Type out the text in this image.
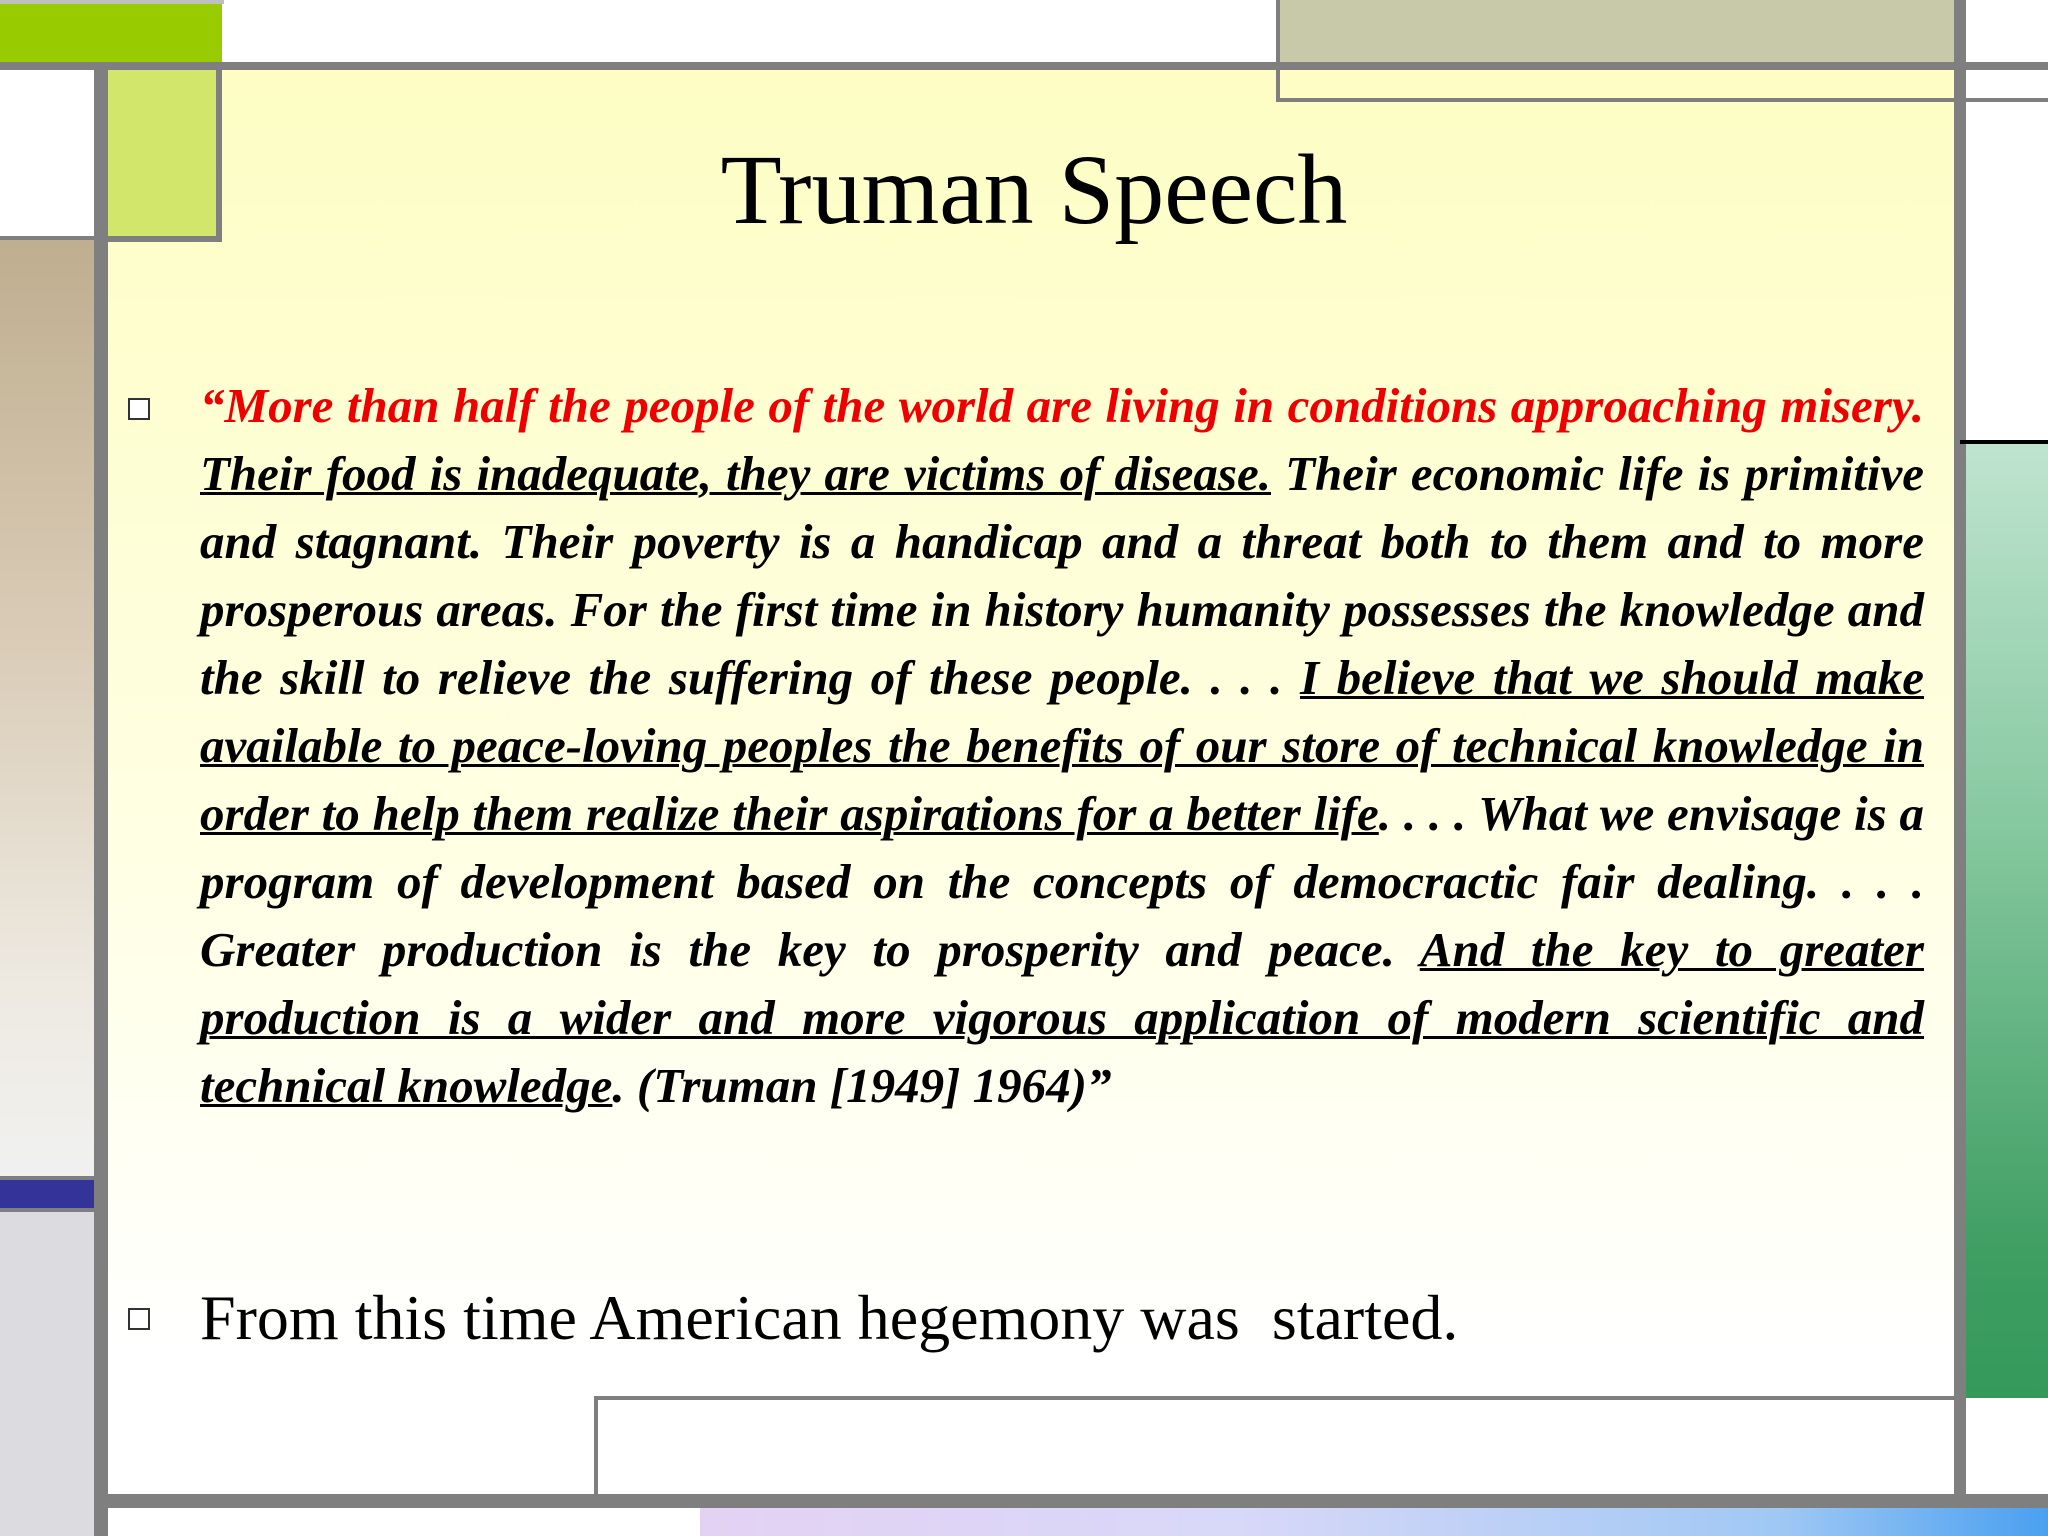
Truman Speech
“More than half the people of the world are living in conditions approaching misery. Their food is inadequate, they are victims of disease. Their economic life is primitive and stagnant. Their poverty is a handicap and a threat both to them and to more prosperous areas. For the first time in history humanity possesses the knowledge and the skill to relieve the suffering of these people. . . . I believe that we should make available to peace-loving peoples the benefits of our store of technical knowledge in order to help them realize their aspirations for a better life. . . . What we envisage is a program of development based on the concepts of democractic fair dealing. . . . Greater production is the key to prosperity and peace. And the key to greater production is a wider and more vigorous application of modern scientific and technical knowledge. (Truman [1949] 1964)”
From this time American hegemony was  started.
